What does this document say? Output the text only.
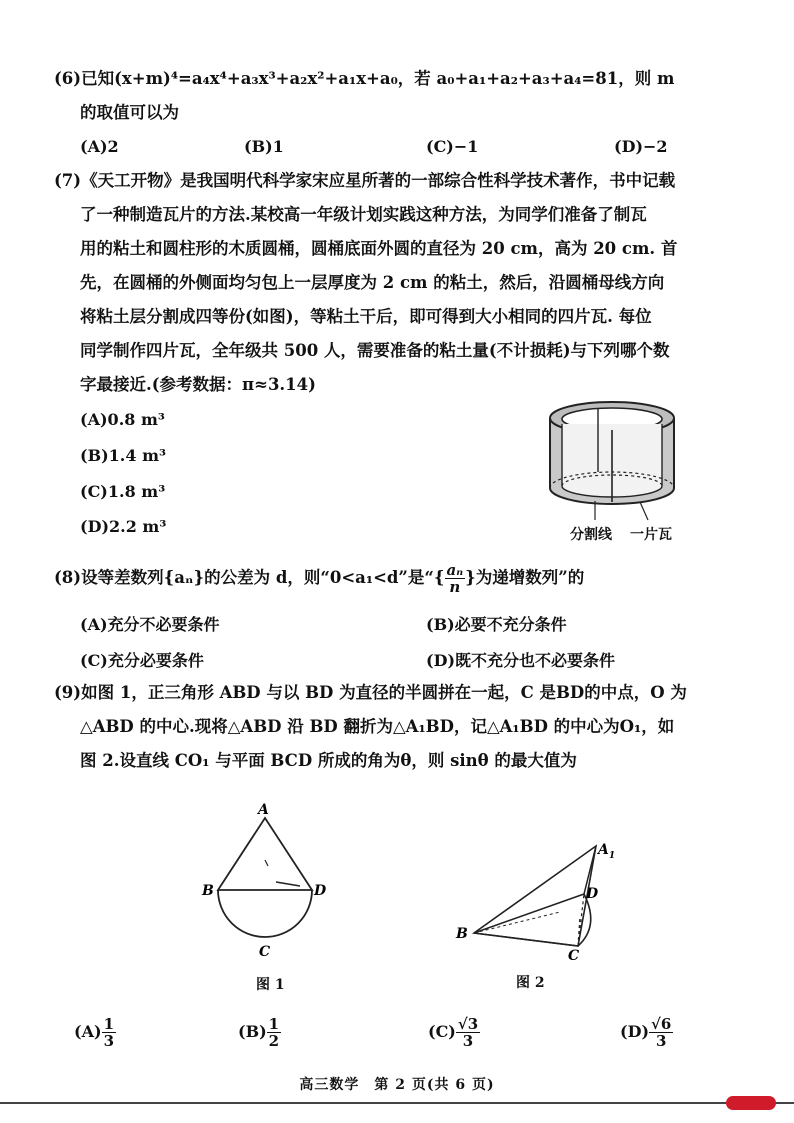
(6)已知(x+m)⁴=a₄x⁴+a₃x³+a₂x²+a₁x+a₀，若 a₀+a₁+a₂+a₃+a₄=81，则 m
的取值可以为
(A)2	(B)1	(C)−1	(D)−2
(7)《天工开物》是我国明代科学家宋应星所著的一部综合性科学技术著作，书中记载
了一种制造瓦片的方法.某校高一年级计划实践这种方法，为同学们准备了制瓦
用的粘土和圆柱形的木质圆桶，圆桶底面外圆的直径为 20 cm，高为 20 cm. 首
先，在圆桶的外侧面均匀包上一层厚度为 2 cm 的粘土，然后，沿圆桶母线方向
将粘土层分割成四等份(如图)，等粘土干后，即可得到大小相同的四片瓦. 每位
同学制作四片瓦，全年级共 500 人，需要准备的粘土量(不计损耗)与下列哪个数
字最接近.(参考数据：π≈3.14)
(A)0.8 m³
(B)1.4 m³
(C)1.8 m³
(D)2.2 m³	分割线 一片瓦
(8)设等差数列{aₙ}的公差为 d，则“0<a₁<d”是“{ $\frac{\text{aₙ}}{n}$ }为递增数列”的
(A)充分不必要条件	(B)必要不充分条件
(C)充分必要条件	(D)既不充分也不必要条件
(9)如图 1，正三角形 ABD 与以 BD 为直径的半圆拼在一起，C 是BD的中点，O 为
△ABD 的中心.现将△ABD 沿 BD 翻折为△A₁BD，记△A₁BD 的中心为O₁，如
图 2.设直线 CO₁ 与平面 BCD 所成的角为θ，则 sinθ 的最大值为
A
B	D
C
图 1
$A_1$
D
B
C
图 2
$(A) \frac{1}{3}$	$(B) \frac{1}{2}$	$(C) \frac{√3}{3}$	$(D) \frac{√6}{3}$
高三数学　第 2 页(共 6 页)
